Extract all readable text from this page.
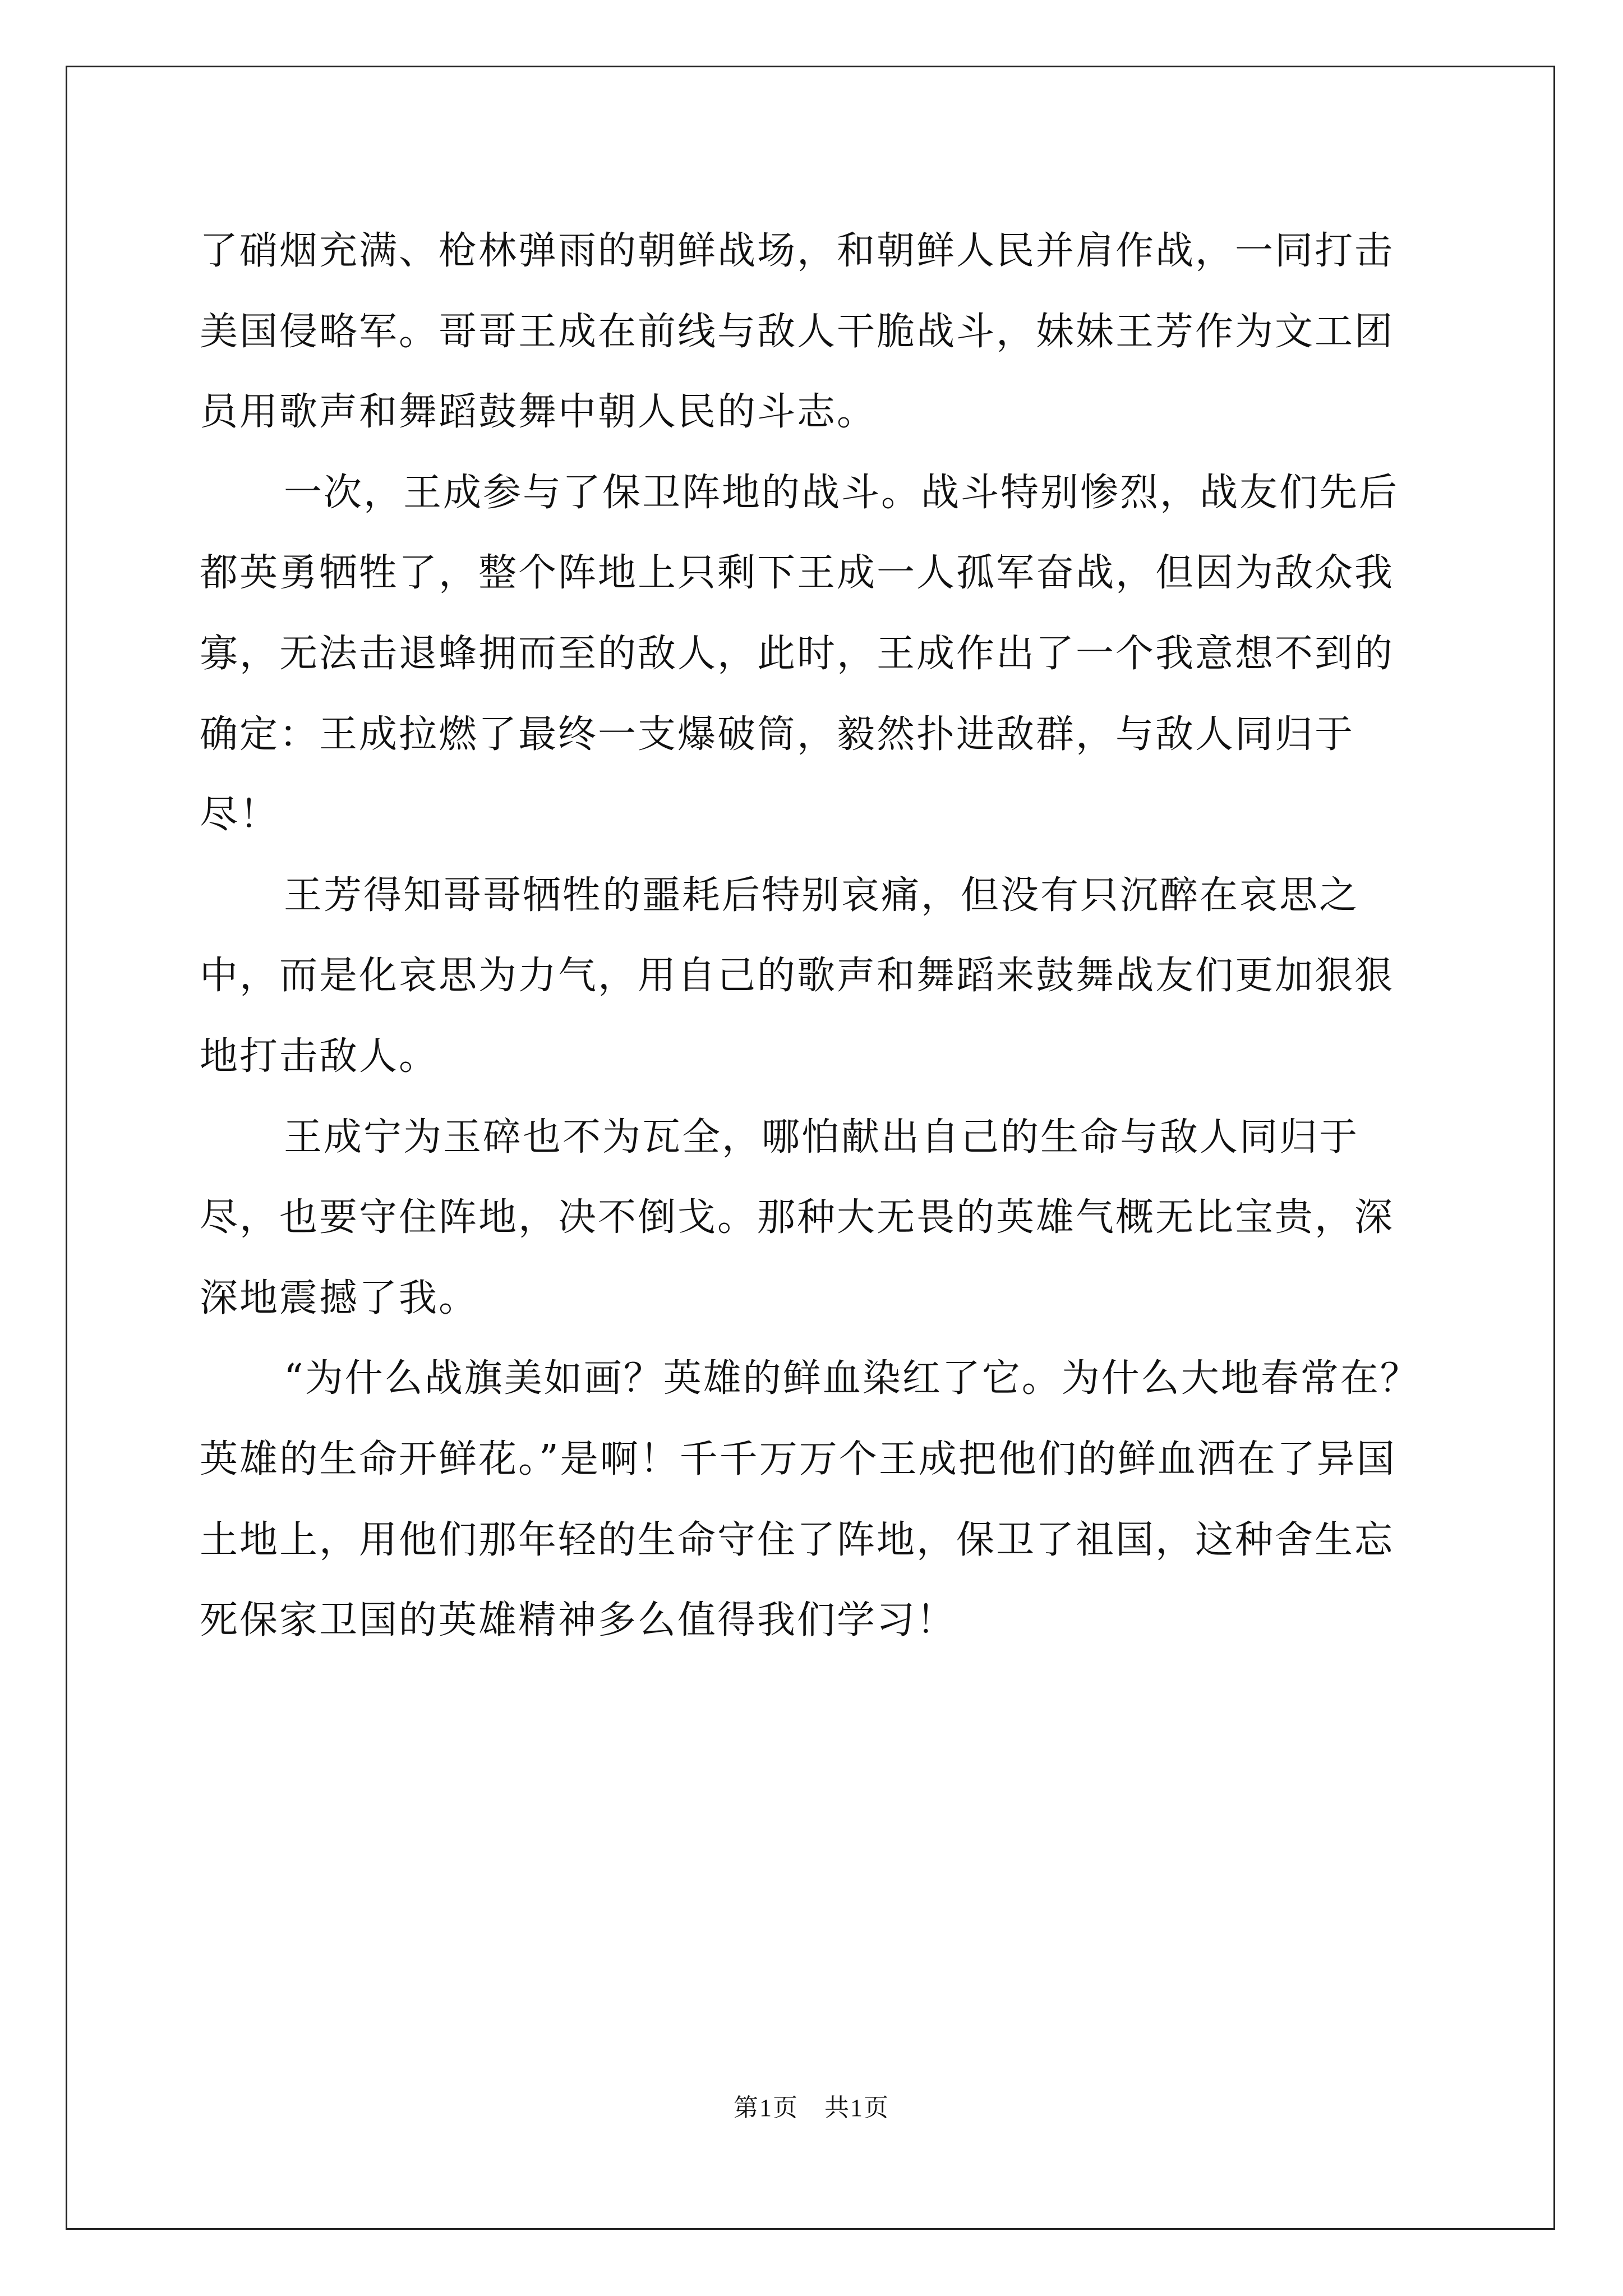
了硝烟充满、枪林弹雨的朝鲜战场，和朝鲜人民并肩作战，一同打击美国侵略军。哥哥王成在前线与敌人干脆战斗，妹妹王芳作为文工团员用歌声和舞蹈鼓舞中朝人民的斗志。

一次，王成参与了保卫阵地的战斗。战斗特别惨烈，战友们先后都英勇牺牲了，整个阵地上只剩下王成一人孤军奋战，但因为敌众我寡，无法击退蜂拥而至的敌人，此时，王成作出了一个我意想不到的确定：王成拉燃了最终一支爆破筒，毅然扑进敌群，与敌人同归于尽！

王芳得知哥哥牺牲的噩耗后特别哀痛，但没有只沉醉在哀思之中，而是化哀思为力气，用自己的歌声和舞蹈来鼓舞战友们更加狠狠地打击敌人。

王成宁为玉碎也不为瓦全，哪怕献出自己的生命与敌人同归于尽，也要守住阵地，决不倒戈。那种大无畏的英雄气概无比宝贵，深深地震撼了我。

“为什么战旗美如画？英雄的鲜血染红了它。为什么大地春常在？英雄的生命开鲜花。”是啊！千千万万个王成把他们的鲜血洒在了异国土地上，用他们那年轻的生命守住了阵地，保卫了祖国，这种舍生忘死保家卫国的英雄精神多么值得我们学习！

第1页　共1页
